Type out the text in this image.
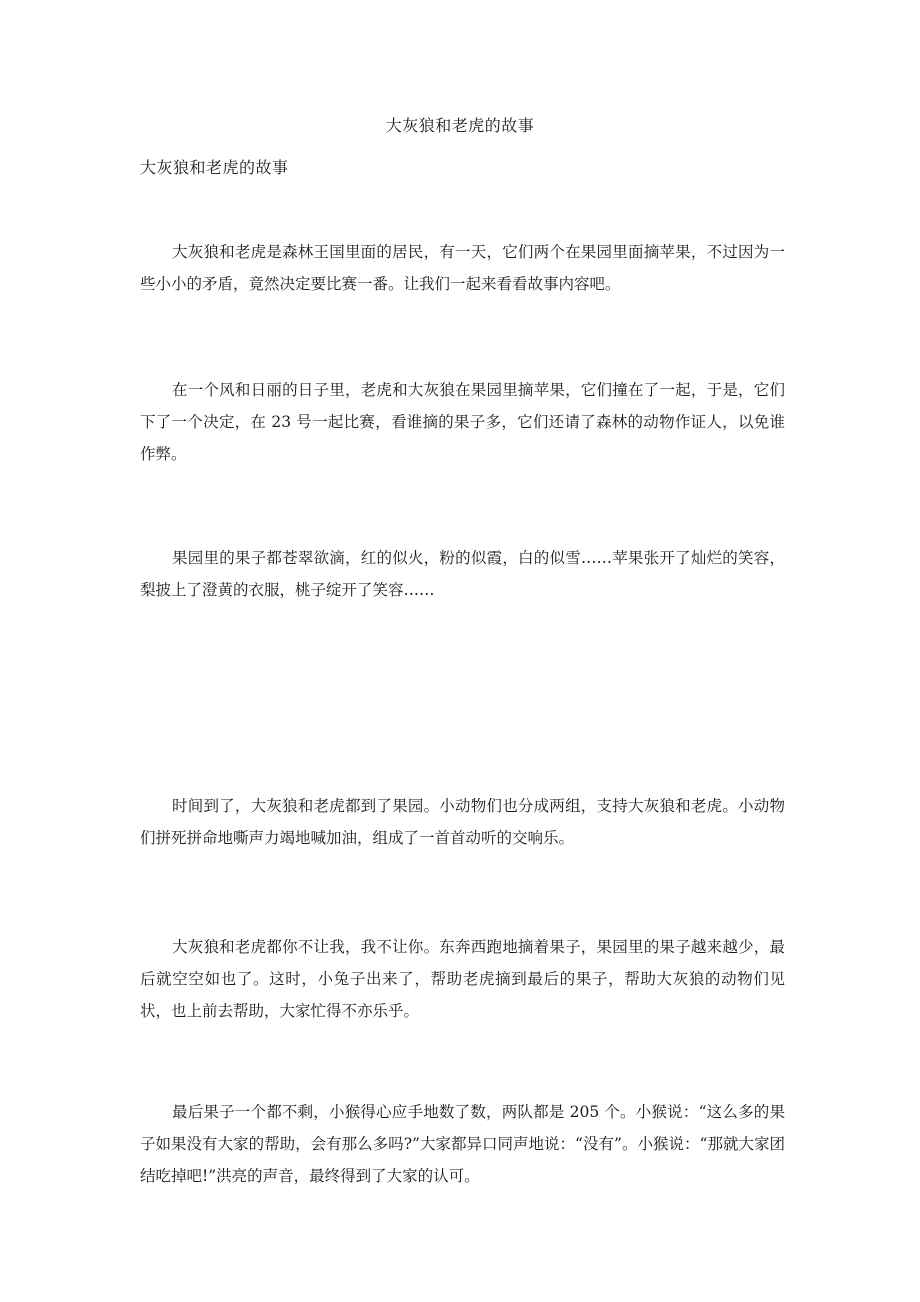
大灰狼和老虎的故事
大灰狼和老虎的故事

大灰狼和老虎是森林王国里面的居民，有一天，它们两个在果园里面摘苹果，不过因为一些小小的矛盾，竟然决定要比赛一番。让我们一起来看看故事内容吧。

在一个风和日丽的日子里，老虎和大灰狼在果园里摘苹果，它们撞在了一起，于是，它们下了一个决定，在 23 号一起比赛，看谁摘的果子多，它们还请了森林的动物作证人，以免谁作弊。

果园里的果子都苍翠欲滴，红的似火，粉的似霞，白的似雪……苹果张开了灿烂的笑容，梨披上了澄黄的衣服，桃子绽开了笑容……

时间到了，大灰狼和老虎都到了果园。小动物们也分成两组，支持大灰狼和老虎。小动物们拼死拼命地嘶声力竭地喊加油，组成了一首首动听的交响乐。

大灰狼和老虎都你不让我，我不让你。东奔西跑地摘着果子，果园里的果子越来越少，最后就空空如也了。这时，小兔子出来了，帮助老虎摘到最后的果子，帮助大灰狼的动物们见状，也上前去帮助，大家忙得不亦乐乎。

最后果子一个都不剩，小猴得心应手地数了数，两队都是 205 个。小猴说：“这么多的果子如果没有大家的帮助，会有那么多吗?”大家都异口同声地说：“没有”。小猴说：“那就大家团结吃掉吧!”洪亮的声音，最终得到了大家的认可。
